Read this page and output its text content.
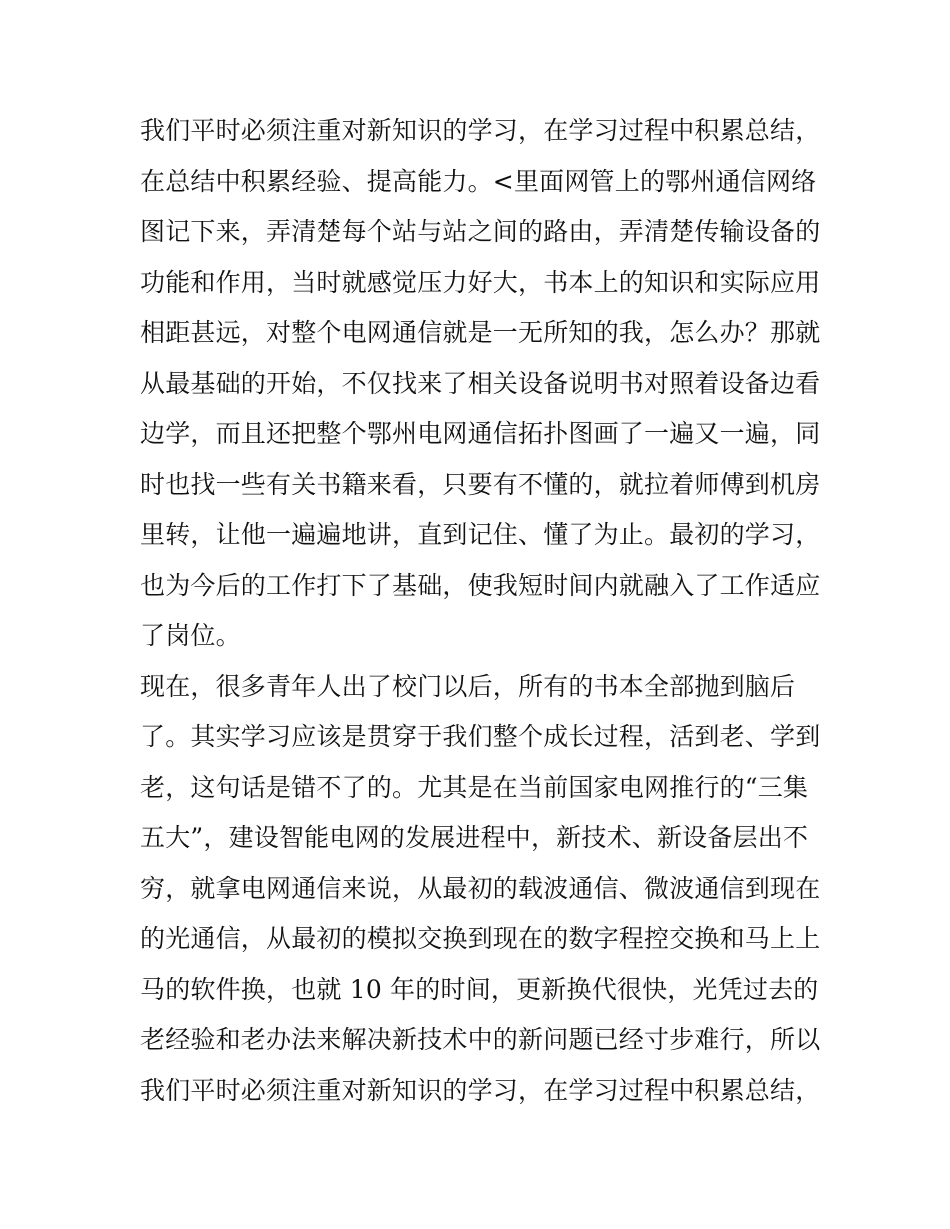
我们平时必须注重对新知识的学习，在学习过程中积累总结，
在总结中积累经验、提高能力。<里面网管上的鄂州通信网络
图记下来，弄清楚每个站与站之间的路由，弄清楚传输设备的
功能和作用，当时就感觉压力好大，书本上的知识和实际应用
相距甚远，对整个电网通信就是一无所知的我，怎么办？那就
从最基础的开始，不仅找来了相关设备说明书对照着设备边看
边学，而且还把整个鄂州电网通信拓扑图画了一遍又一遍，同
时也找一些有关书籍来看，只要有不懂的，就拉着师傅到机房
里转，让他一遍遍地讲，直到记住、懂了为止。最初的学习，
也为今后的工作打下了基础，使我短时间内就融入了工作适应
了岗位。
现在，很多青年人出了校门以后，所有的书本全部抛到脑后
了。其实学习应该是贯穿于我们整个成长过程，活到老、学到
老，这句话是错不了的。尤其是在当前国家电网推行的“三集
五大”，建设智能电网的发展进程中，新技术、新设备层出不
穷，就拿电网通信来说，从最初的载波通信、微波通信到现在
的光通信，从最初的模拟交换到现在的数字程控交换和马上上
马的软件换，也就 10 年的时间，更新换代很快，光凭过去的
老经验和老办法来解决新技术中的新问题已经寸步难行，所以
我们平时必须注重对新知识的学习，在学习过程中积累总结，
